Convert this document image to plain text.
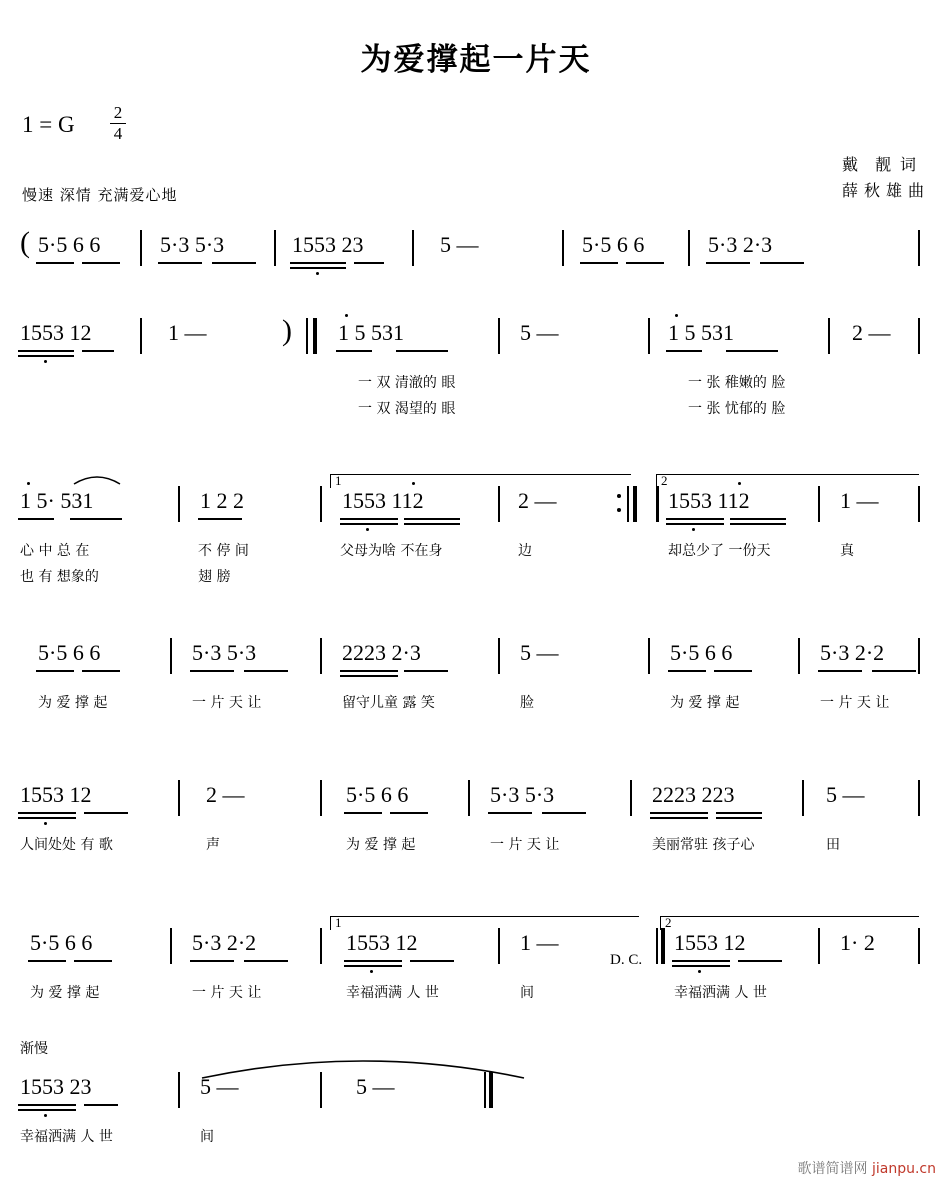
为爱撑起一片天
1 = G 2
4
慢速 深情 充满爱心地
戴 靓 词
薛秋雄曲
( 5·5 6 6	5·3 5·3	1553 23	5 —	5·5 6 6	5·3 2·3
1553 12	1 —	) 1 5 531	5 —	1 5 531	2 —
一 双 清澈的 眼	一 张 稚嫩的 脸
一 双 渴望的 眼	一 张 忧郁的 脸
1	2
1 5· 531	1 2 2	1553 112	2 —	1553 112	1 —
心 中 总 在	不 停 间	父母为啥 不在身	边	却总少了 一份天	真
也 有 想象的	翅 膀
5·5 6 6	5·3 5·3	2223 2·3	5 —	5·5 6 6	5·3 2·2
为 爱 撑 起	一 片 天 让	留守儿童 露 笑	脸	为 爱 撑 起	一 片 天 让
1553 12	2 —	5·5 6 6	5·3 5·3	2223 223	5 —
人间处处 有 歌	声	为 爱 撑 起	一 片 天 让	美丽常驻 孩子心	田
1	2
5·5 6 6	5·3 2·2	1553 12	1 —
D. C.
1553 12	1· 2
为 爱 撑 起	一 片 天 让	幸福洒满 人 世	间	幸福洒满 人 世
渐慢
1553 23	5 —	5 —
幸福洒满 人 世	间
歌谱简谱网 jianpu.cn
